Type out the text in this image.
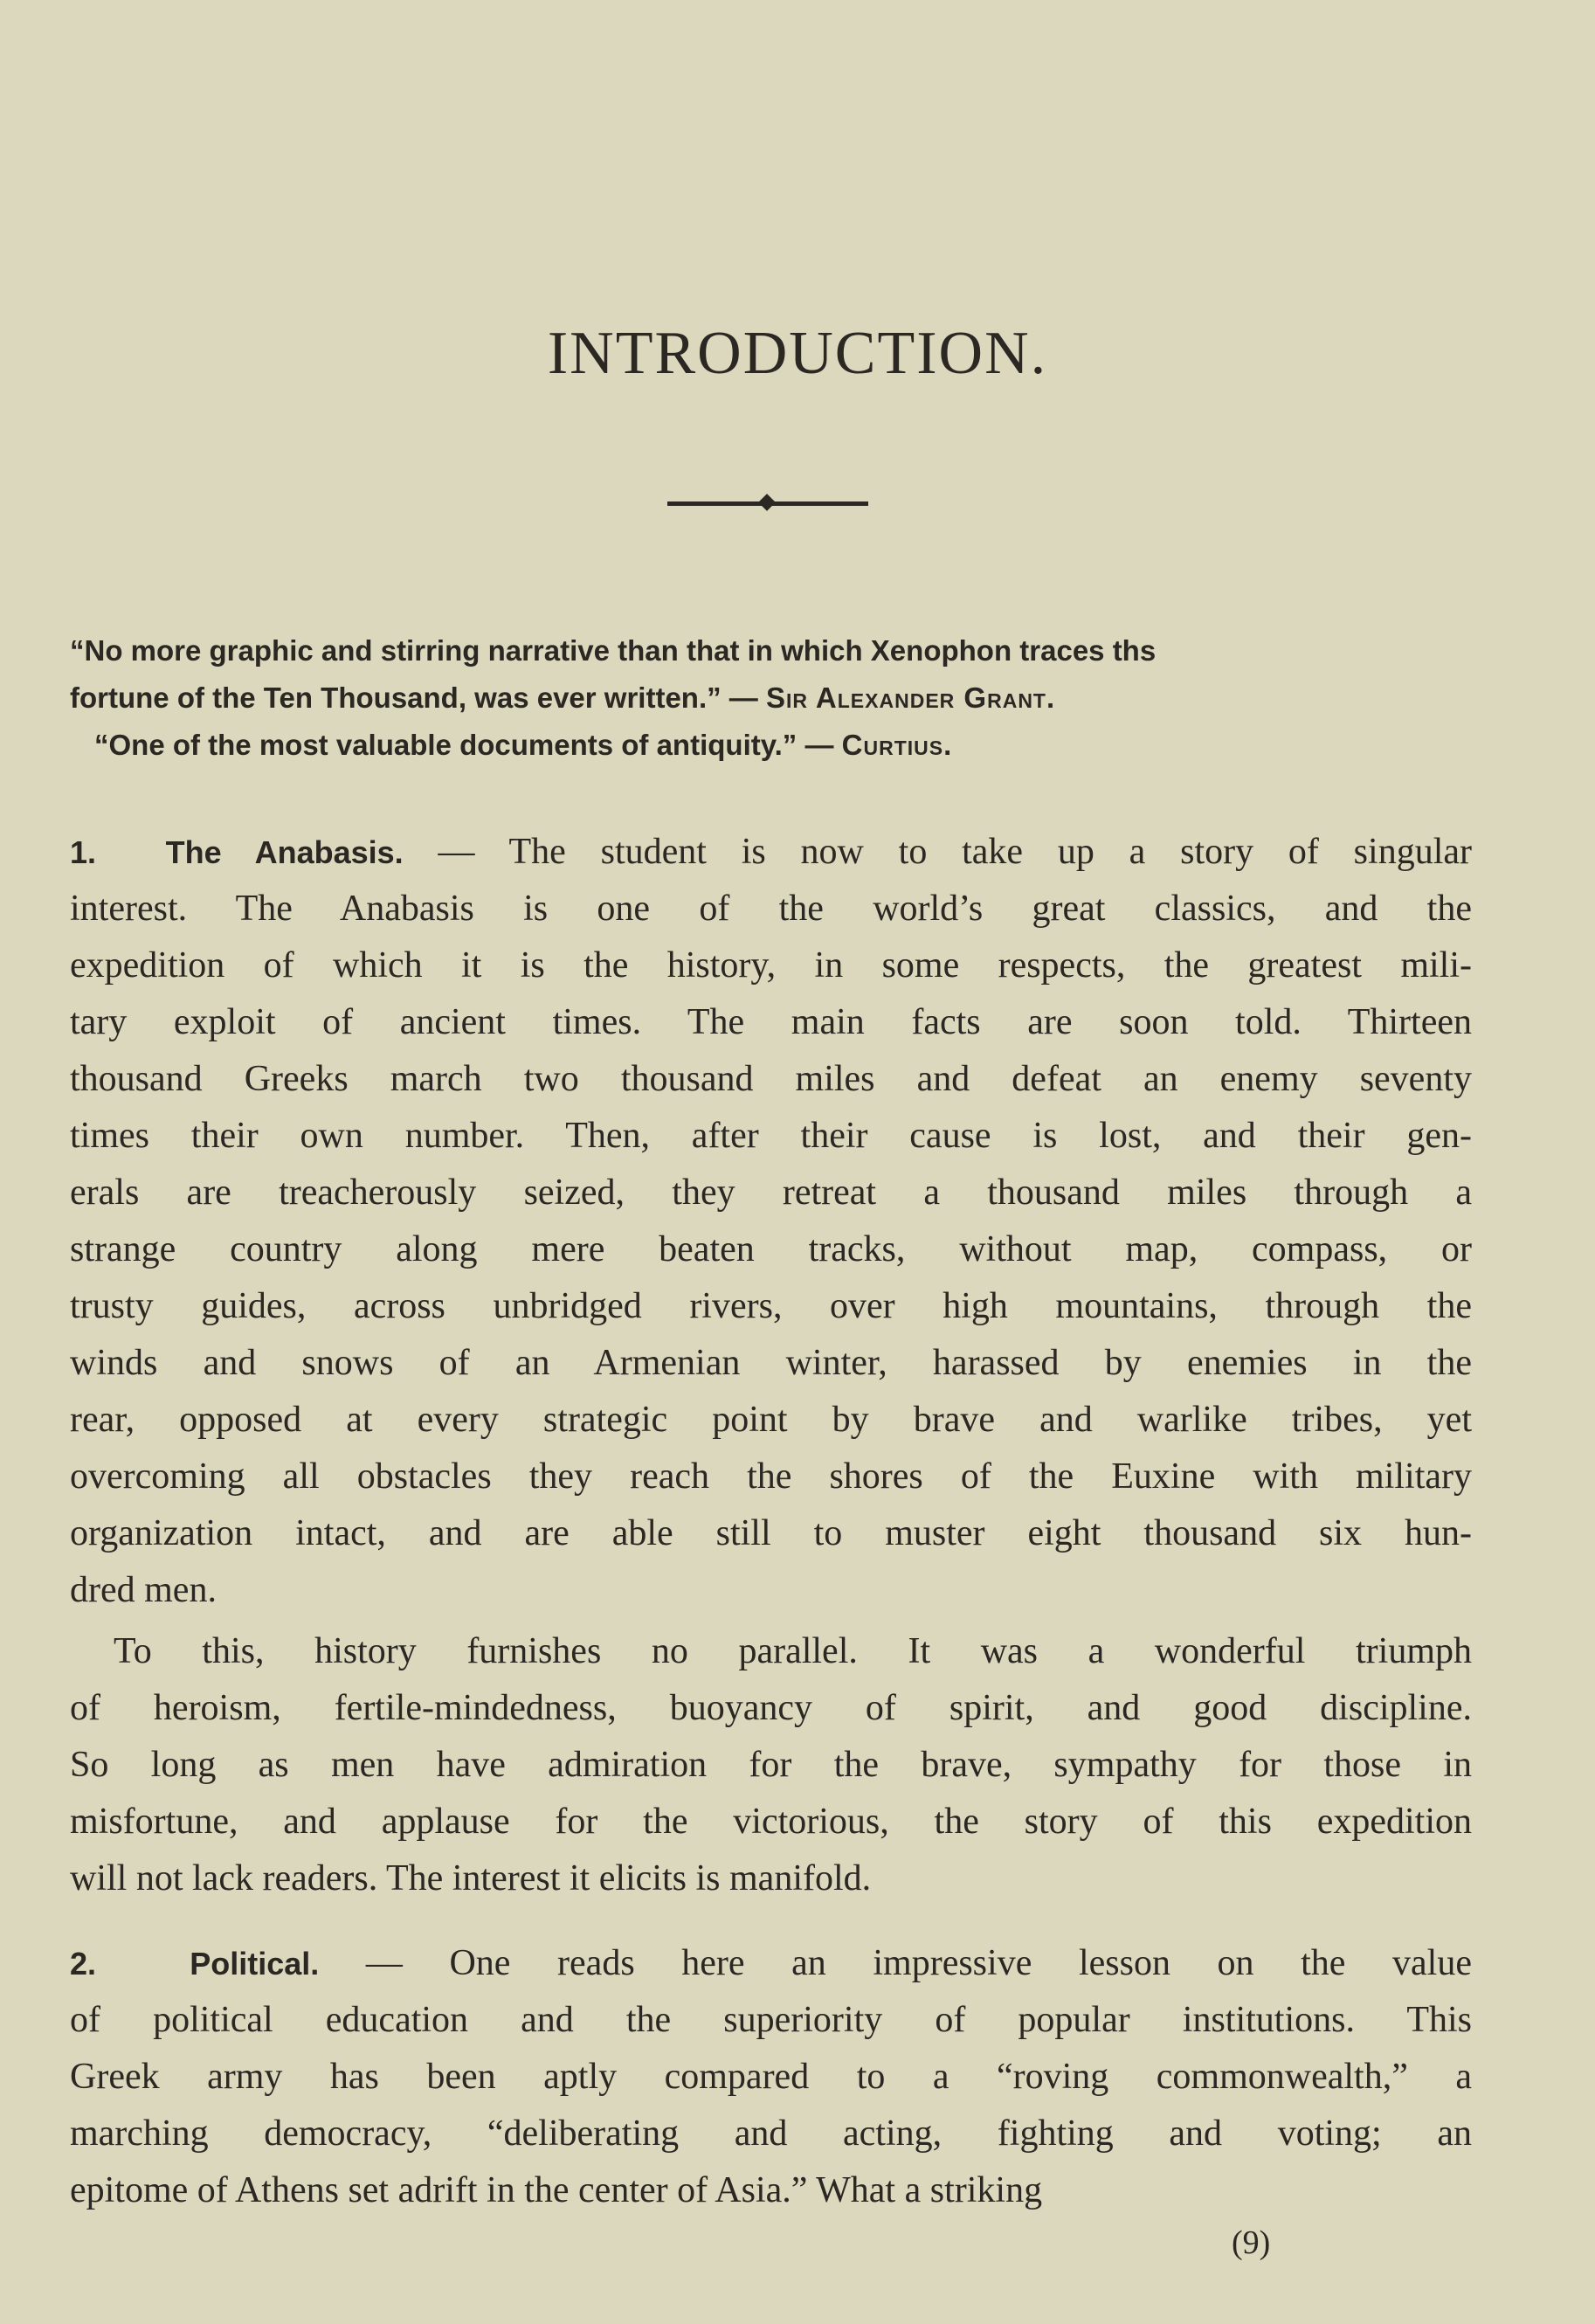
INTRODUCTION.
“No more graphic and stirring narrative than that in which Xenophon traces ths
fortune of the Ten Thousand, was ever written.” — Sir Alexander Grant.
“One of the most valuable documents of antiquity.” — Curtius.
1. The Anabasis. — The student is now to take up a story of singular
interest. The Anabasis is one of the world’s great classics, and the
expedition of which it is the history, in some respects, the greatest mili-
tary exploit of ancient times. The main facts are soon told. Thirteen
thousand Greeks march two thousand miles and defeat an enemy seventy
times their own number. Then, after their cause is lost, and their gen-
erals are treacherously seized, they retreat a thousand miles through a
strange country along mere beaten tracks, without map, compass, or
trusty guides, across unbridged rivers, over high mountains, through the
winds and snows of an Armenian winter, harassed by enemies in the
rear, opposed at every strategic point by brave and warlike tribes, yet
overcoming all obstacles they reach the shores of the Euxine with military
organization intact, and are able still to muster eight thousand six hun-
dred men.
To this, history furnishes no parallel. It was a wonderful triumph
of heroism, fertile-mindedness, buoyancy of spirit, and good discipline.
So long as men have admiration for the brave, sympathy for those in
misfortune, and applause for the victorious, the story of this expedition
will not lack readers. The interest it elicits is manifold.
2.	Political. — One reads here an impressive lesson on the value
of political education and the superiority of popular institutions. This
Greek army has been aptly compared to a “roving commonwealth,” a
marching democracy, “deliberating and acting, fighting and voting; an
epitome of Athens set adrift in the center of Asia.” What a striking
(9)
